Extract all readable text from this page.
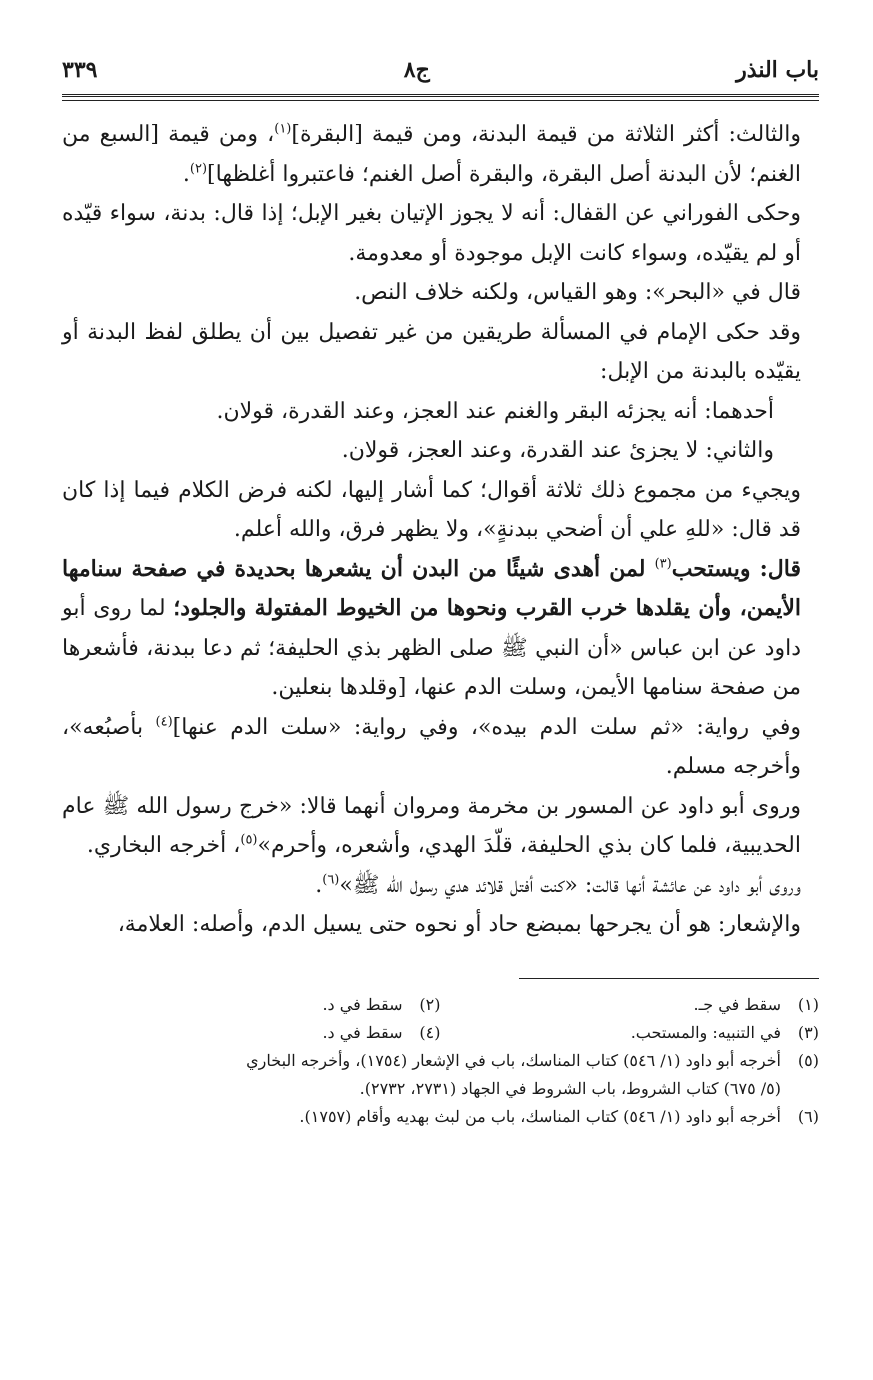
باب النذر
ج٨
٣٣٩

والثالث: أكثر الثلاثة من قيمة البدنة، ومن قيمة [البقرة]$^{(١)}$، ومن قيمة [السبع من الغنم؛ لأن البدنة أصل البقرة، والبقرة أصل الغنم؛ فاعتبروا أغلظها]$^{(٢)}$.

وحكى الفوراني عن القفال: أنه لا يجوز الإتيان بغير الإبل؛ إذا قال: بدنة، سواء قيّده أو لم يقيّده، وسواء كانت الإبل موجودة أو معدومة.

قال في «البحر»: وهو القياس، ولكنه خلاف النص.

وقد حكى الإمام في المسألة طريقين من غير تفصيل بين أن يطلق لفظ البدنة أو يقيّده بالبدنة من الإبل:

أحدهما: أنه يجزئه البقر والغنم عند العجز، وعند القدرة، قولان.

والثاني: لا يجزئ عند القدرة، وعند العجز، قولان.

ويجيء من مجموع ذلك ثلاثة أقوال؛ كما أشار إليها، لكنه فرض الكلام فيما إذا كان قد قال: «للهِ علي أن أضحي ببدنةٍ»، ولا يظهر فرق، والله أعلم.

قال: ويستحب$^{(٣)}$ لمن أهدى شيئًا من البدن أن يشعرها بحديدة في صفحة سنامها الأيمن، وأن يقلدها خرب القرب ونحوها من الخيوط المفتولة والجلود؛ لما روى أبو داود عن ابن عباس «أن النبي ﷺ صلى الظهر بذي الحليفة؛ ثم دعا ببدنة، فأشعرها من صفحة سنامها الأيمن، وسلت الدم عنها، [وقلدها بنعلين.

وفي رواية: «ثم سلت الدم بيده»، وفي رواية: «سلت الدم عنها]$^{(٤)}$ بأصبُعه»، وأخرجه مسلم.

وروى أبو داود عن المسور بن مخرمة ومروان أنهما قالا: «خرج رسول الله ﷺ عام الحديبية، فلما كان بذي الحليفة، قلّدَ الهدي، وأشعره، وأحرم»$^{(٥)}$، أخرجه البخاري.

وروى أبو داود عن عائشة أنها قالت: «كنت أفتل قلائد هدي رسول الله ﷺ»$^{(٦)}$.

والإشعار: هو أن يجرحها بمبضع حاد أو نحوه حتى يسيل الدم، وأصله: العلامة،

(١)سقط في جـ.
(٢)سقط في د.
(٣)في التنبيه: والمستحب.
(٤)سقط في د.
(٥)أخرجه أبو داود (١/ ٥٤٦) كتاب المناسك، باب في الإشعار (١٧٥٤)، وأخرجه البخاري
(٥/ ٦٧٥) كتاب الشروط، باب الشروط في الجهاد (٢٧٣١، ٢٧٣٢).
(٦)أخرجه أبو داود (١/ ٥٤٦) كتاب المناسك، باب من لبث بهديه وأقام (١٧٥٧).
